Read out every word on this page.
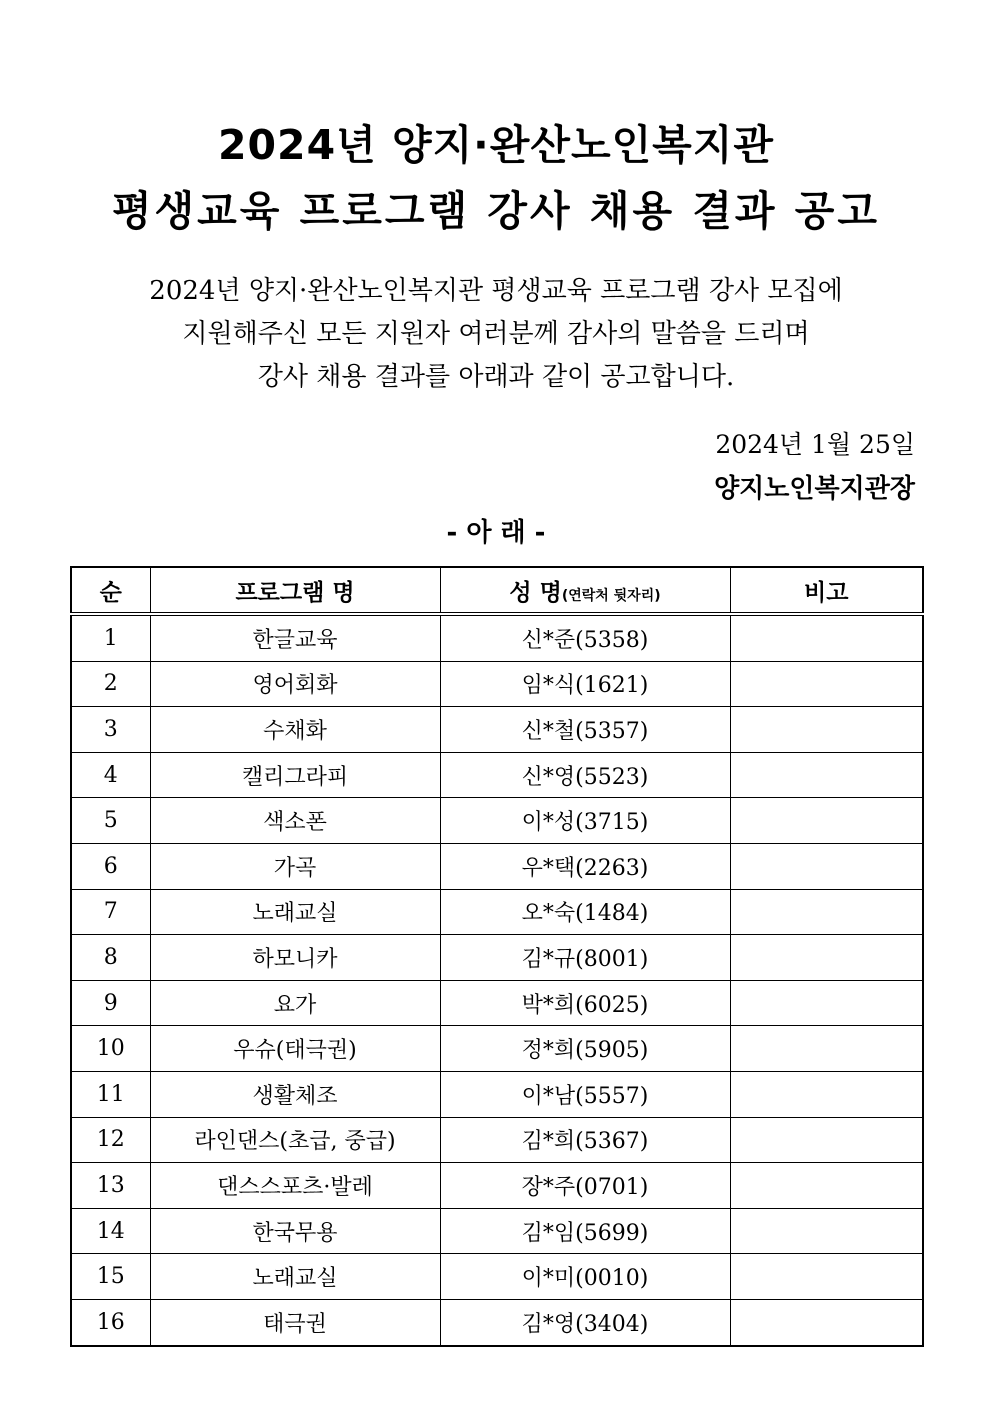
2024년 양지·완산노인복지관
평생교육 프로그램 강사 채용 결과 공고
2024년 양지·완산노인복지관 평생교육 프로그램 강사 모집에
지원해주신 모든 지원자 여러분께 감사의 말씀을 드리며
강사 채용 결과를 아래과 같이 공고합니다.
2024년 1월 25일
양지노인복지관장
- 아 래 -
순	프로그램 명	성 명(연락처 뒷자리)	비고
1	한글교육	신*준(5358)	
2	영어회화	임*식(1621)	
3	수채화	신*철(5357)	
4	캘리그라피	신*영(5523)	
5	색소폰	이*성(3715)	
6	가곡	우*택(2263)	
7	노래교실	오*숙(1484)	
8	하모니카	김*규(8001)	
9	요가	박*희(6025)	
10	우슈(태극권)	정*희(5905)	
11	생활체조	이*남(5557)	
12	라인댄스(초급, 중급)	김*희(5367)	
13	댄스스포츠·발레	장*주(0701)	
14	한국무용	김*임(5699)	
15	노래교실	이*미(0010)	
16	태극권	김*영(3404)	
